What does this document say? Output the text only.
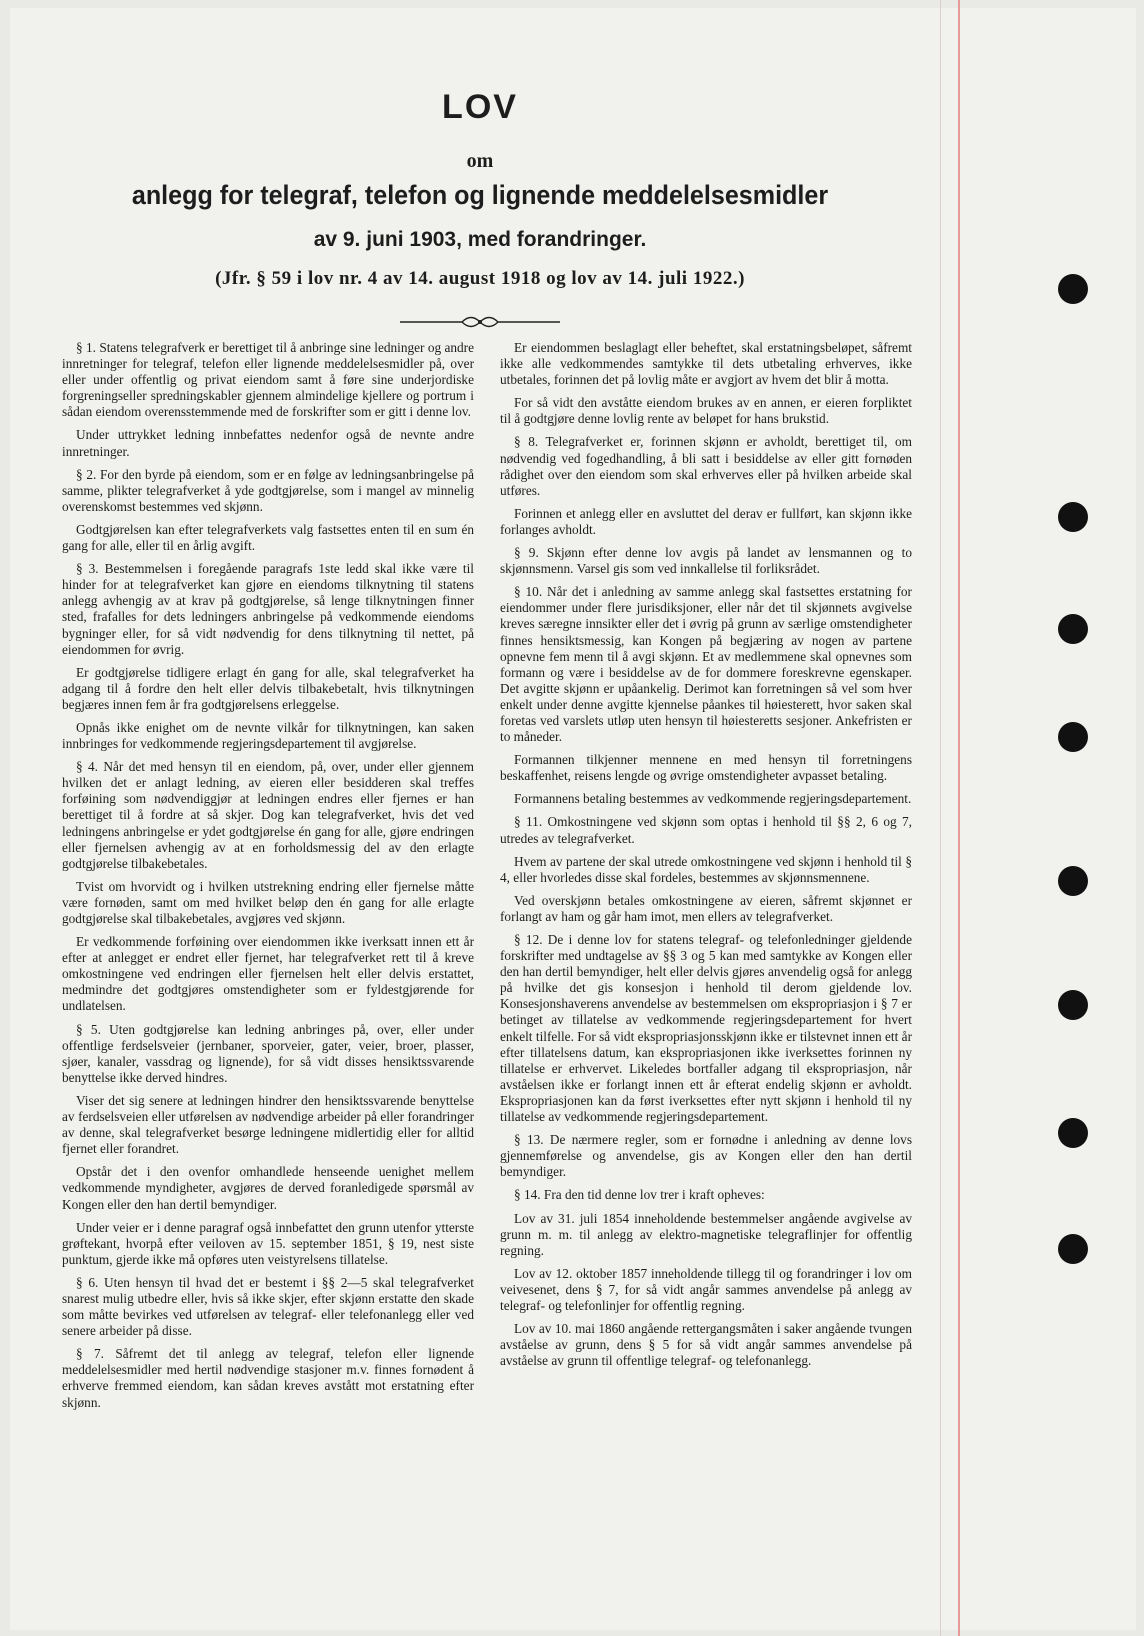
LOV
om
anlegg for telegraf, telefon og lignende meddelelsesmidler
av 9. juni 1903, med forandringer.
(Jfr. § 59 i lov nr. 4 av 14. august 1918 og lov av 14. juli 1922.)

§ 1. Statens telegrafverk er berettiget til å anbringe sine ledninger og andre innretninger for telegraf, telefon eller lignende meddelelsesmidler på, over eller under offentlig og privat eiendom samt å føre sine underjordiske forgreningseller spredningskabler gjennem almindelige kjellere og portrum i sådan eiendom overensstemmende med de forskrifter som er gitt i denne lov.

Under uttrykket ledning innbefattes nedenfor også de nevnte andre innretninger.

§ 2. For den byrde på eiendom, som er en følge av ledningsanbringelse på samme, plikter telegrafverket å yde godtgjørelse, som i mangel av minnelig overenskomst bestemmes ved skjønn.

Godtgjørelsen kan efter telegrafverkets valg fastsettes enten til en sum én gang for alle, eller til en årlig avgift.

§ 3. Bestemmelsen i foregående paragrafs 1ste ledd skal ikke være til hinder for at telegrafverket kan gjøre en eiendoms tilknytning til statens anlegg avhengig av at krav på godtgjørelse, så lenge tilknytningen finner sted, frafalles for dets ledningers anbringelse på vedkommende eiendoms bygninger eller, for så vidt nødvendig for dens tilknytning til nettet, på eiendommen for øvrig.

Er godtgjørelse tidligere erlagt én gang for alle, skal telegrafverket ha adgang til å fordre den helt eller delvis tilbakebetalt, hvis tilknytningen begjæres innen fem år fra godtgjørelsens erleggelse.

Opnås ikke enighet om de nevnte vilkår for tilknytningen, kan saken innbringes for vedkommende regjeringsdepartement til avgjørelse.

§ 4. Når det med hensyn til en eiendom, på, over, under eller gjennem hvilken det er anlagt ledning, av eieren eller besidderen skal treffes forføining som nødvendiggjør at ledningen endres eller fjernes er han berettiget til å fordre at så skjer. Dog kan telegrafverket, hvis det ved ledningens anbringelse er ydet godtgjørelse én gang for alle, gjøre endringen eller fjernelsen avhengig av at en forholdsmessig del av den erlagte godtgjørelse tilbakebetales.

Tvist om hvorvidt og i hvilken utstrekning endring eller fjernelse måtte være fornøden, samt om med hvilket beløp den én gang for alle erlagte godtgjørelse skal tilbakebetales, avgjøres ved skjønn.

Er vedkommende forføining over eiendommen ikke iverksatt innen ett år efter at anlegget er endret eller fjernet, har telegrafverket rett til å kreve omkostningene ved endringen eller fjernelsen helt eller delvis erstattet, medmindre det godtgjøres omstendigheter som er fyldestgjørende for undlatelsen.

§ 5. Uten godtgjørelse kan ledning anbringes på, over, eller under offentlige ferdselsveier (jernbaner, sporveier, gater, veier, broer, plasser, sjøer, kanaler, vassdrag og lignende), for så vidt disses hensiktssvarende benyttelse ikke derved hindres.

Viser det sig senere at ledningen hindrer den hensiktssvarende benyttelse av ferdselsveien eller utførelsen av nødvendige arbeider på eller forandringer av denne, skal telegrafverket besørge ledningene midlertidig eller for alltid fjernet eller forandret.

Opstår det i den ovenfor omhandlede henseende uenighet mellem vedkommende myndigheter, avgjøres de derved foranledigede spørsmål av Kongen eller den han dertil bemyndiger.

Under veier er i denne paragraf også innbefattet den grunn utenfor ytterste grøftekant, hvorpå efter veiloven av 15. september 1851, § 19, nest siste punktum, gjerde ikke må opføres uten veistyrelsens tillatelse.

§ 6. Uten hensyn til hvad det er bestemt i §§ 2—5 skal telegrafverket snarest mulig utbedre eller, hvis så ikke skjer, efter skjønn erstatte den skade som måtte bevirkes ved utførelsen av telegraf- eller telefonanlegg eller ved senere arbeider på disse.

§ 7. Såfremt det til anlegg av telegraf, telefon eller lignende meddelelsesmidler med hertil nødvendige stasjoner m.v. finnes fornødent å erhverve fremmed eiendom, kan sådan kreves avstått mot erstatning efter skjønn.

Er eiendommen beslaglagt eller beheftet, skal erstatningsbeløpet, såfremt ikke alle vedkommendes samtykke til dets utbetaling erhverves, ikke utbetales, forinnen det på lovlig måte er avgjort av hvem det blir å motta.

For så vidt den avståtte eiendom brukes av en annen, er eieren forpliktet til å godtgjøre denne lovlig rente av beløpet for hans brukstid.

§ 8. Telegrafverket er, forinnen skjønn er avholdt, berettiget til, om nødvendig ved fogedhandling, å bli satt i besiddelse av eller gitt fornøden rådighet over den eiendom som skal erhverves eller på hvilken arbeide skal utføres.

Forinnen et anlegg eller en avsluttet del derav er fullført, kan skjønn ikke forlanges avholdt.

§ 9. Skjønn efter denne lov avgis på landet av lensmannen og to skjønnsmenn. Varsel gis som ved innkallelse til forliksrådet.

§ 10. Når det i anledning av samme anlegg skal fastsettes erstatning for eiendommer under flere jurisdiksjoner, eller når det til skjønnets avgivelse kreves særegne innsikter eller det i øvrig på grunn av særlige omstendigheter finnes hensiktsmessig, kan Kongen på begjæring av nogen av partene opnevne fem menn til å avgi skjønn. Et av medlemmene skal opnevnes som formann og være i besiddelse av de for dommere foreskrevne egenskaper. Det avgitte skjønn er upåankelig. Derimot kan forretningen så vel som hver enkelt under denne avgitte kjennelse påankes til høiesterett, hvor saken skal foretas ved varslets utløp uten hensyn til høiesteretts sesjoner. Ankefristen er to måneder.

Formannen tilkjenner mennene en med hensyn til forretningens beskaffenhet, reisens lengde og øvrige omstendigheter avpasset betaling.

Formannens betaling bestemmes av vedkommende regjeringsdepartement.

§ 11. Omkostningene ved skjønn som optas i henhold til §§ 2, 6 og 7, utredes av telegrafverket.

Hvem av partene der skal utrede omkostningene ved skjønn i henhold til § 4, eller hvorledes disse skal fordeles, bestemmes av skjønnsmennene.

Ved overskjønn betales omkostningene av eieren, såfremt skjønnet er forlangt av ham og går ham imot, men ellers av telegrafverket.

§ 12. De i denne lov for statens telegraf- og telefonledninger gjeldende forskrifter med undtagelse av §§ 3 og 5 kan med samtykke av Kongen eller den han dertil bemyndiger, helt eller delvis gjøres anvendelig også for anlegg på hvilke det gis konsesjon i henhold til derom gjeldende lov. Konsesjonshaverens anvendelse av bestemmelsen om ekspropriasjon i § 7 er betinget av tillatelse av vedkommende regjeringsdepartement for hvert enkelt tilfelle. For så vidt ekspropriasjonsskjønn ikke er tilstevnet innen ett år efter tillatelsens datum, kan ekspropriasjonen ikke iverksettes forinnen ny tillatelse er erhvervet. Likeledes bortfaller adgang til ekspropriasjon, når avståelsen ikke er forlangt innen ett år efterat endelig skjønn er avholdt. Ekspropriasjonen kan da først iverksettes efter nytt skjønn i henhold til ny tillatelse av vedkommende regjeringsdepartement.

§ 13. De nærmere regler, som er fornødne i anledning av denne lovs gjennemførelse og anvendelse, gis av Kongen eller den han dertil bemyndiger.

§ 14. Fra den tid denne lov trer i kraft opheves:

Lov av 31. juli 1854 inneholdende bestemmelser angående avgivelse av grunn m. m. til anlegg av elektro-magnetiske telegraflinjer for offentlig regning.

Lov av 12. oktober 1857 inneholdende tillegg til og forandringer i lov om veivesenet, dens § 7, for så vidt angår sammes anvendelse på anlegg av telegraf- og telefonlinjer for offentlig regning.

Lov av 10. mai 1860 angående rettergangsmåten i saker angående tvungen avståelse av grunn, dens § 5 for så vidt angår sammes anvendelse på avståelse av grunn til offentlige telegraf- og telefonanlegg.
